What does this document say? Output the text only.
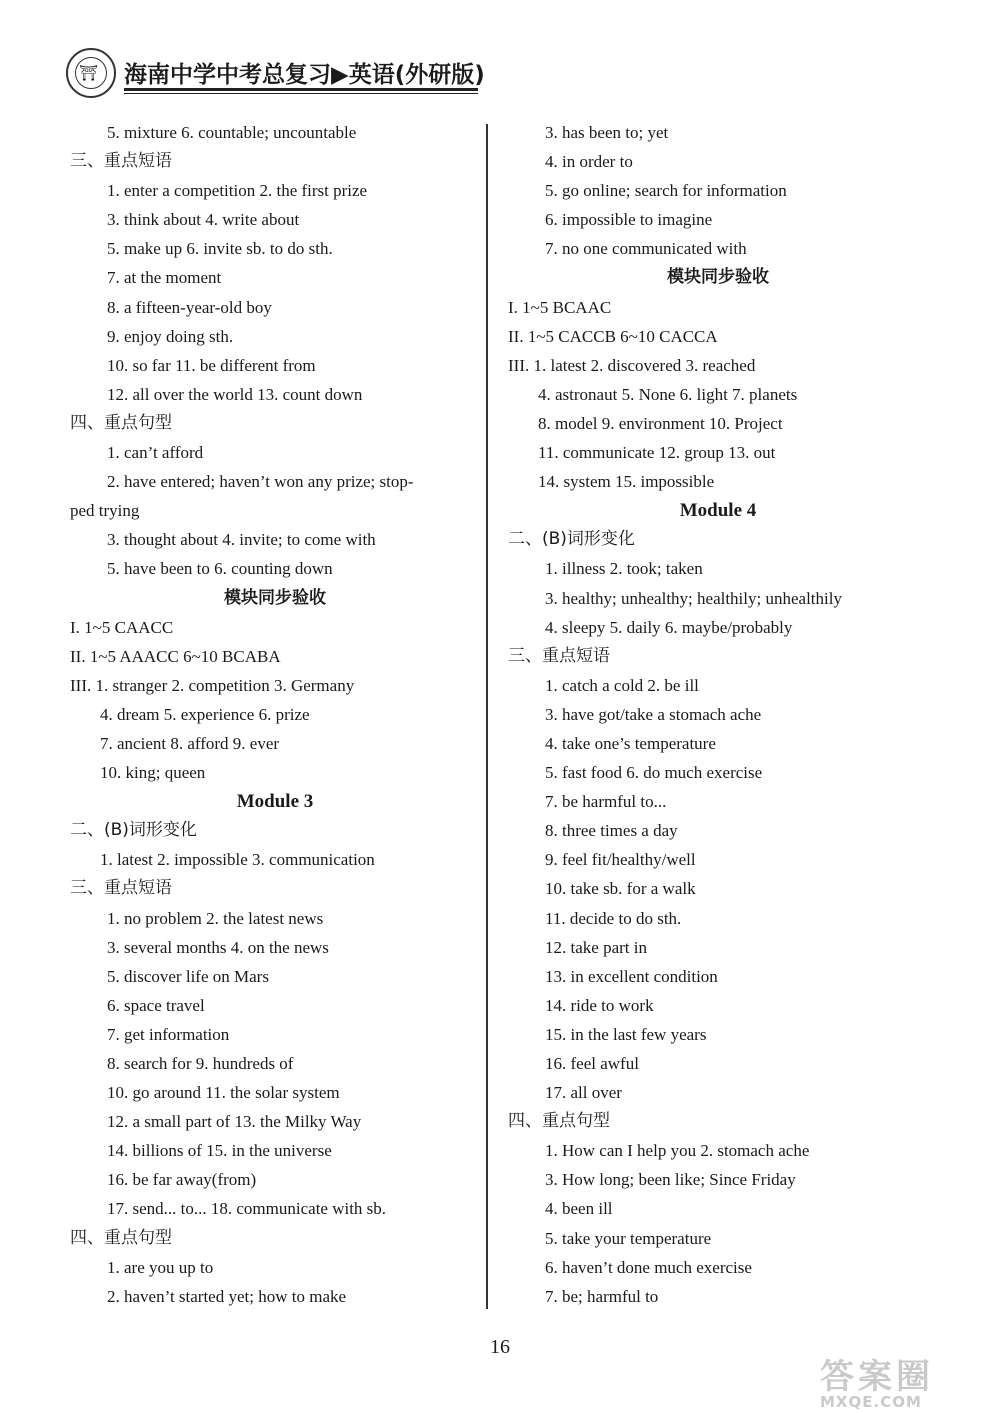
⛩ 海南中学中考总复习▶英语(外研版)
5. mixture 6. countable; uncountable
三、重点短语
1. enter a competition 2. the first prize
3. think about 4. write about
5. make up 6. invite sb. to do sth.
7. at the moment
8. a fifteen-year-old boy
9. enjoy doing sth.
10. so far 11. be different from
12. all over the world 13. count down
四、重点句型
1. can’t afford
2. have entered; haven’t won any prize; stop-
ped trying
3. thought about 4. invite; to come with
5. have been to 6. counting down
模块同步验收
I. 1~5 CAACC
II. 1~5 AAACC 6~10 BCABA
III. 1. stranger 2. competition 3. Germany
4. dream 5. experience 6. prize
7. ancient 8. afford 9. ever
10. king; queen
Module 3
二、(B)词形变化
1. latest 2. impossible 3. communication
三、重点短语
1. no problem 2. the latest news
3. several months 4. on the news
5. discover life on Mars
6. space travel
7. get information
8. search for 9. hundreds of
10. go around 11. the solar system
12. a small part of 13. the Milky Way
14. billions of 15. in the universe
16. be far away(from)
17. send... to... 18. communicate with sb.
四、重点句型
1. are you up to
2. haven’t started yet; how to make
3. has been to; yet
4. in order to
5. go online; search for information
6. impossible to imagine
7. no one communicated with
模块同步验收
I. 1~5 BCAAC
II. 1~5 CACCB 6~10 CACCA
III. 1. latest 2. discovered 3. reached
4. astronaut 5. None 6. light 7. planets
8. model 9. environment 10. Project
11. communicate 12. group 13. out
14. system 15. impossible
Module 4
二、(B)词形变化
1. illness 2. took; taken
3. healthy; unhealthy; healthily; unhealthily
4. sleepy 5. daily 6. maybe/probably
三、重点短语
1. catch a cold 2. be ill
3. have got/take a stomach ache
4. take one’s temperature
5. fast food 6. do much exercise
7. be harmful to...
8. three times a day
9. feel fit/healthy/well
10. take sb. for a walk
11. decide to do sth.
12. take part in
13. in excellent condition
14. ride to work
15. in the last few years
16. feel awful
17. all over
四、重点句型
1. How can I help you 2. stomach ache
3. How long; been like; Since Friday
4. been ill
5. take your temperature
6. haven’t done much exercise
7. be; harmful to
16
答案圈
MXQE.COM
